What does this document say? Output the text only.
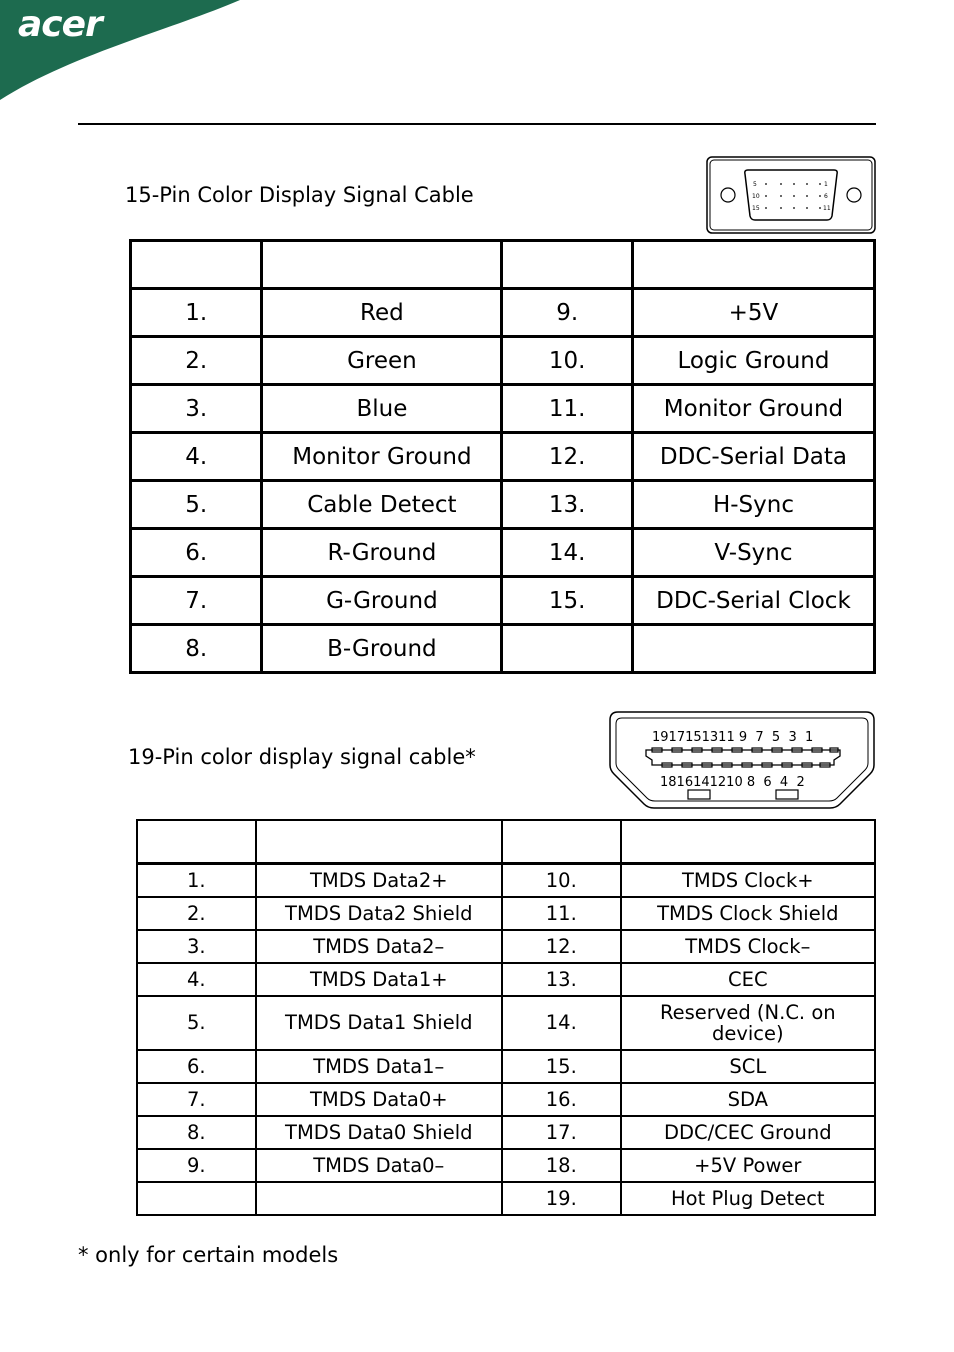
acer
15-Pin Color Display Signal Cable	5	1
10	6
15	11

1.	Red	9.	+5V
2.	Green	10.	Logic Ground
3.	Blue	11.	Monitor Ground
4.	Monitor Ground	12.	DDC-Serial Data
5.	Cable Detect	13.	H-Sync
6.	R-Ground	14.	V-Sync
7.	G-Ground	15.	DDC-Serial Clock
8.	B-Ground		
19-Pin color display signal cable*
1917151311 9  7  5  3  1
1816141210 8  6  4  2

1.	TMDS Data2+	10.	TMDS Clock+
2.	TMDS Data2 Shield	11.	TMDS Clock Shield
3.	TMDS Data2–	12.	TMDS Clock–
4.	TMDS Data1+	13.	CEC
5.	TMDS Data1 Shield	14.	Reserved (N.C. on device)
6.	TMDS Data1–	15.	SCL
7.	TMDS Data0+	16.	SDA
8.	TMDS Data0 Shield	17.	DDC/CEC Ground
9.	TMDS Data0–	18.	+5V Power
		19.	Hot Plug Detect
* only for certain models
